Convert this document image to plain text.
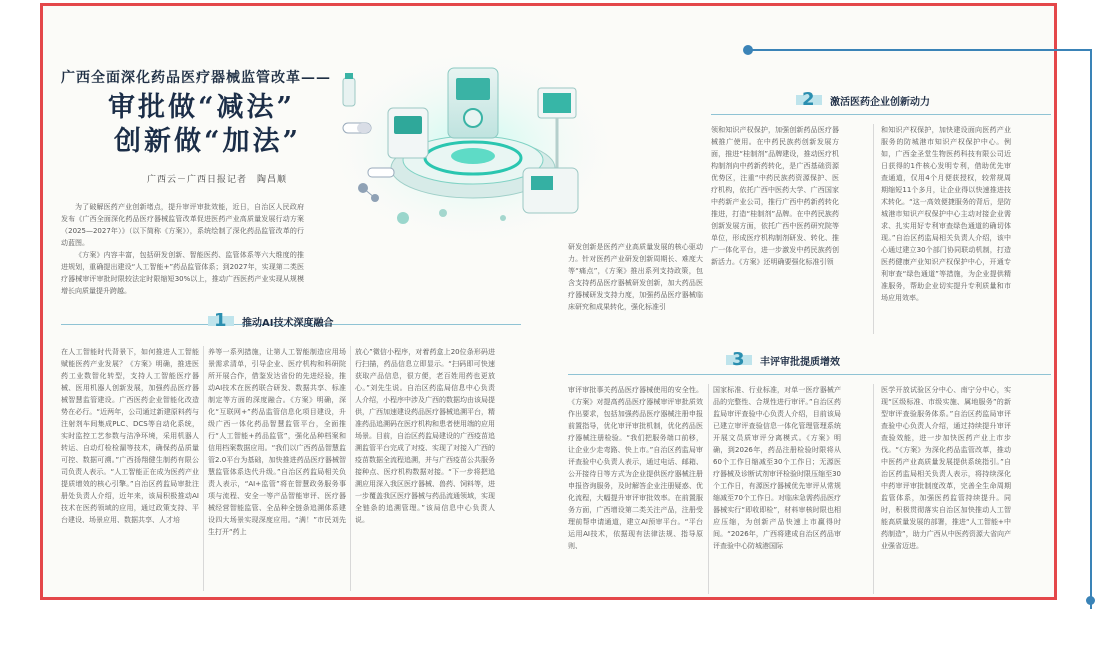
广西全面深化药品医疗器械监管改革——
审批做“减法”
创新做“加法”
广西云－广西日报记者　陶昌顺

为了破解医药产业创新堵点，提升审评审批效能，近日，自治区人民政府发布《广西全面深化药品医疗器械监管改革促进医药产业高质量发展行动方案（2025—2027年）》（以下简称《方案》），系统绘制了深化药品监管改革的行动蓝图。

《方案》内容丰富，包括研发创新、智能医药、监管体系等六大维度的推进规划，重确提出建设“人工智能+”药品监管体系；到2027年，实现第二类医疗器械审评审批时限较法定时限缩短30%以上，推动广西医药产业实现从规模增长向质量提升跨越。

1 推动AI技术深度融合
在人工智能时代背景下，如何推进人工智能赋能医药产业发展？《方案》明确，推进医药工业数智化转型，支持人工智能医疗器械、医用机器人创新发展，加强药品医疗器械智慧监管建设。广西医药企业智能化改造势在必行。“近两年，公司通过新建原料药与注射剂车间集成PLC、DCS等自动化系统，实时监控工艺参数与洁净环境，采用机器人转运、自动灯检检漏等技术，确保药品质量可控、数据可溯。”广西扬翔健生制药有限公司负责人表示。“人工智能正在成为医药产业提质增效的核心引擎。”自治区药监局审批注册处负责人介绍，近年来，该局积极推动AI技术在医药领域的应用，通过政策支持、平台建设、场景应用、数据共享、人才培
养等一系列措施，让第人工智能制造应用场景需求清单，引导企业、医疗机构和科研院所开展合作，借鉴发达省份的先进经验，推动AI技术在医药联合研发、数据共享、标准制定等方面的深度融合。《方案》明确，深化“互联网+”药品监管信息化项目建设，升级广西一体化药品智慧监管平台，全面推行“人工智能+药品监管”，强化品种档案和信用档案数据应用。“我们以广西药品智慧监管2.0平台为基础，加快推进药品医疗器械智慧监管体系迭代升级。”自治区药监局相关负责人表示，“AI+监管”将在智慧政务服务事项与流程、安全一等产品智能审评、医疗器械经营智能监管、全品种全链条追溯体系建设四大场景实现深度应用。“满！”市民刘先生打开“药上
放心”微信小程序，对着药盒上20位条形码进行扫描，药品信息立即显示。“扫码即可快速获取产品信息，很方便，老百姓用药也更放心。”刘先生说。自治区药监局信息中心负责人介绍，小程序中涉及广西的数据均由该局提供，广西加速建设药品医疗器械追溯平台，精准药品追溯码在医疗机构和患者使用端的应用场景。目前，自治区药监局建设的广西疫苗追溯监管平台完成了对疫、实现了对接入广西的疫苗数据全流程追溯，并与广西疫苗公共服务接种点、医疗机构数据对接。“下一步将把追溯应用深入我区医疗器械、兽药、饲料等，进一步覆盖我区医疗器械与药品流通领域，实现全链条的追溯管理。”该局信息中心负责人说。
研发创新是医药产业高质量发展的核心驱动力。针对医药产业研发创新周期长、难度大等“痛点”，《方案》推出系列支持政策，包含支持药品医疗器械研发创新，加大药品医疗器械研发支持力度，加强药品医疗器械临床研究和成果转化，强化标准引
2 激活医药企业创新动力
领和知识产权保护，加强创新药品医疗器械推广使用。在中药民族药创新发展方面，推进“桂制剂”品牌建设，推动医疗机构制剂向中药新药转化，是广西基础资源优势区，注重“中药民族药资源保护、医疗机构，依托广西中医药大学、广西国家中药新产业公司，推行广西中药新药转化推进，打造“桂制剂”品牌。在中药民族药创新发展方面，依托广西中医药研究院等单位，形成医疗机构制剂研发、转化、推广一体化平台，进一步激发中药民族药创新活力。《方案》还明确要强化标准引领
和知识产权保护，加快建设面向医药产业服务的防城港市知识产权保护中心。例如，广西金圣堂生物医药科技有限公司近日获得的1件核心发明专利，借助优先审查通道，仅用4个月便获授权，较常规周期缩短11个多月，让企业得以快速推进技术转化。“这一高效便捷服务的背后，是防城港市知识产权保护中心主动对接企业需求、扎实用好专利审查绿色通道的确切体现。”自治区药监局相关负责人介绍，该中心通过建立30个部门协同联动机制，打造医药健康产业知识产权保护中心，开通专利审查“绿色通道”等措施，为企业提供精准服务，帮助企业切实提升专利质量和市场应用效率。
3 丰评审批提质增效
审评审批事关药品医疗器械使用的安全性。《方案》对提高药品医疗器械审评审批质效作出要求，包括加强药品医疗器械注册申报前置指导，优化审评审批机制，优化药品医疗器械注册检验。“我们把服务端口前移，让企业少走弯路、快上市。”自治区药监局审评查验中心负责人表示，通过电话、邮箱、公开接待日等方式为企业提供医疗器械注册申报咨询服务，及时解答企业注册疑惑、优化流程，大幅提升审评审批效率。在前置服务方面，广西增设第二类关注产品，注册受理前帮申请通道，建立AI预审平台。“平台运用AI技术，依据现有法律法规、指导原则、
国家标准、行业标准，对单一医疗器械产品的完整性、合规性进行审评。”自治区药监局审评查验中心负责人介绍，目前该局已建立审评查验信息一体化管理管理系统开展文员质审评分离模式。《方案》明确，到2026年，药品注册检验时限将从60个工作日缩减至30个工作日；无源医疗器械及诊断试剂审评检验时限压缩至30个工作日，有源医疗器械优先审评从常规缩减至70个工作日。对临床急需药品医疗器械实行“即收即检”，材料审核时限也相应压缩，为创新产品快速上市赢得时间。“2026年，广西将建成自治区药品审评查验中心防城港国际
医学开放试验区分中心、南宁分中心，实现“区级标准、市级实施、属地服务”的新型审评查验服务体系。”自治区药监局审评查验中心负责人介绍，通过持续提升审评查验效能，进一步加快医药产业上市步伐。“《方案》为深化药品监管改革，推动中医药产业高质量发展提供系统指引。”自治区药监局相关负责人表示，将持续深化中药审评审批制度改革，完善全生命周期监管体系，加强医药监管持续提升。同时，积极贯彻落实自治区加快推动人工智能高质量发展的部署，推进“人工智能+中药制造”，助力广西从中医药资源大省向产业强省迈进。
